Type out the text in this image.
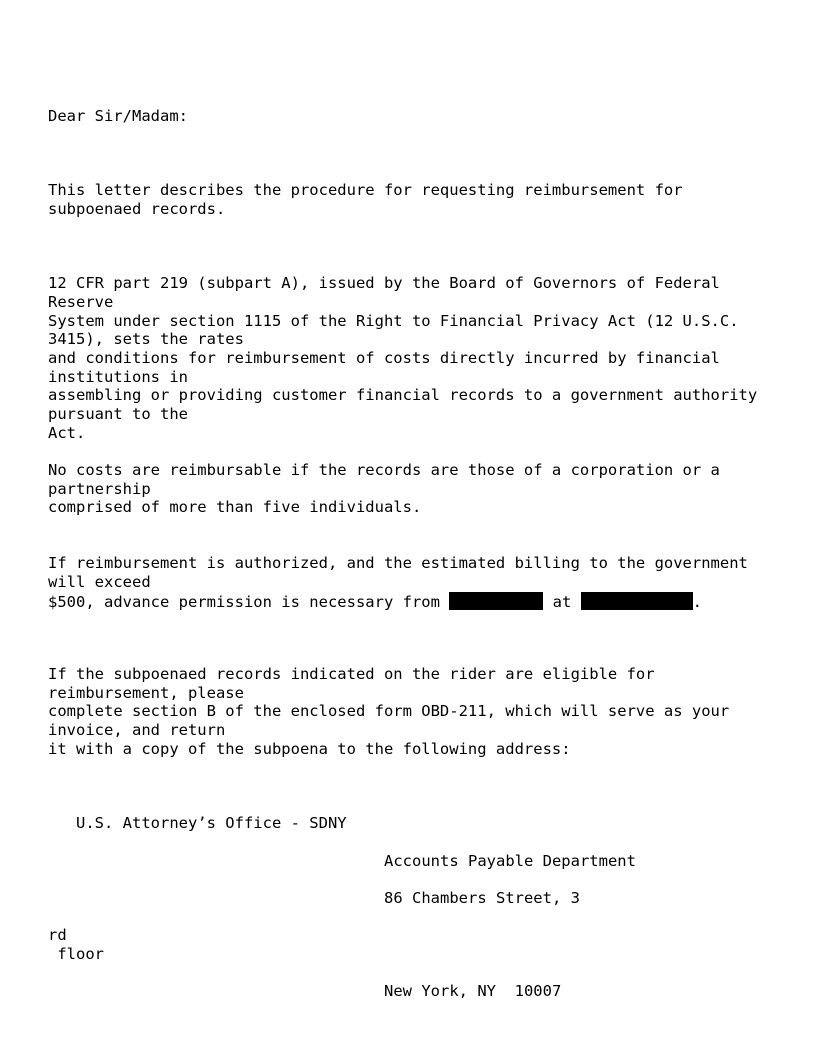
Dear Sir/Madam:
This letter describes the procedure for requesting reimbursement for
subpoenaed records.
12 CFR part 219 (subpart A), issued by the Board of Governors of Federal
Reserve
System under section 1115 of the Right to Financial Privacy Act (12 U.S.C.
3415), sets the rates
and conditions for reimbursement of costs directly incurred by financial
institutions in
assembling or providing customer financial records to a government authority
pursuant to the
Act.
No costs are reimbursable if the records are those of a corporation or a
partnership
comprised of more than five individuals.
If reimbursement is authorized, and the estimated billing to the government
will exceed
$500, advance permission is necessary from	at	.
If the subpoenaed records indicated on the rider are eligible for
reimbursement, please
complete section B of the enclosed form OBD-211, which will serve as your
invoice, and return
it with a copy of the subpoena to the following address:
U.S. Attorney’s Office - SDNY
Accounts Payable Department
86 Chambers Street, 3
rd
floor
New York, NY  10007
